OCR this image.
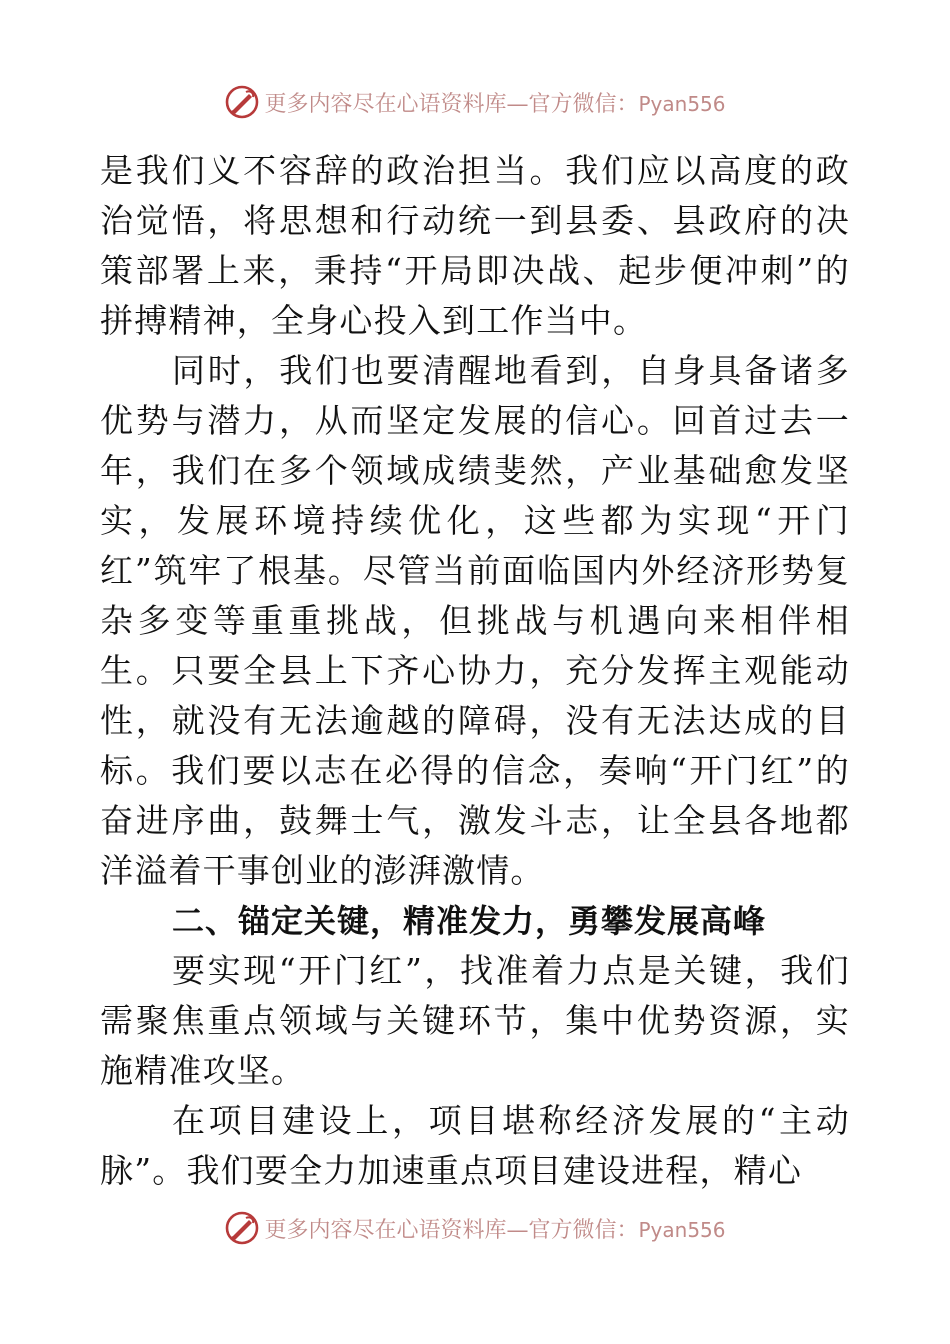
更多内容尽在心语资料库—官方微信：Pyan556

是我们义不容辞的政治担当。我们应以高度的政治觉悟，将思想和行动统一到县委、县政府的决策部署上来，秉持“开局即决战、起步便冲刺”的拼搏精神，全身心投入到工作当中。

同时，我们也要清醒地看到，自身具备诸多优势与潜力，从而坚定发展的信心。回首过去一年，我们在多个领域成绩斐然，产业基础愈发坚实，发展环境持续优化，这些都为实现“开门红”筑牢了根基。尽管当前面临国内外经济形势复杂多变等重重挑战，但挑战与机遇向来相伴相生。只要全县上下齐心协力，充分发挥主观能动性，就没有无法逾越的障碍，没有无法达成的目标。我们要以志在必得的信念，奏响“开门红”的奋进序曲，鼓舞士气，激发斗志，让全县各地都洋溢着干事创业的澎湃激情。

二、锚定关键，精准发力，勇攀发展高峰

要实现“开门红”，找准着力点是关键，我们需聚焦重点领域与关键环节，集中优势资源，实施精准攻坚。

在项目建设上，项目堪称经济发展的“主动脉”。我们要全力加速重点项目建设进程，精心

更多内容尽在心语资料库—官方微信：Pyan556
